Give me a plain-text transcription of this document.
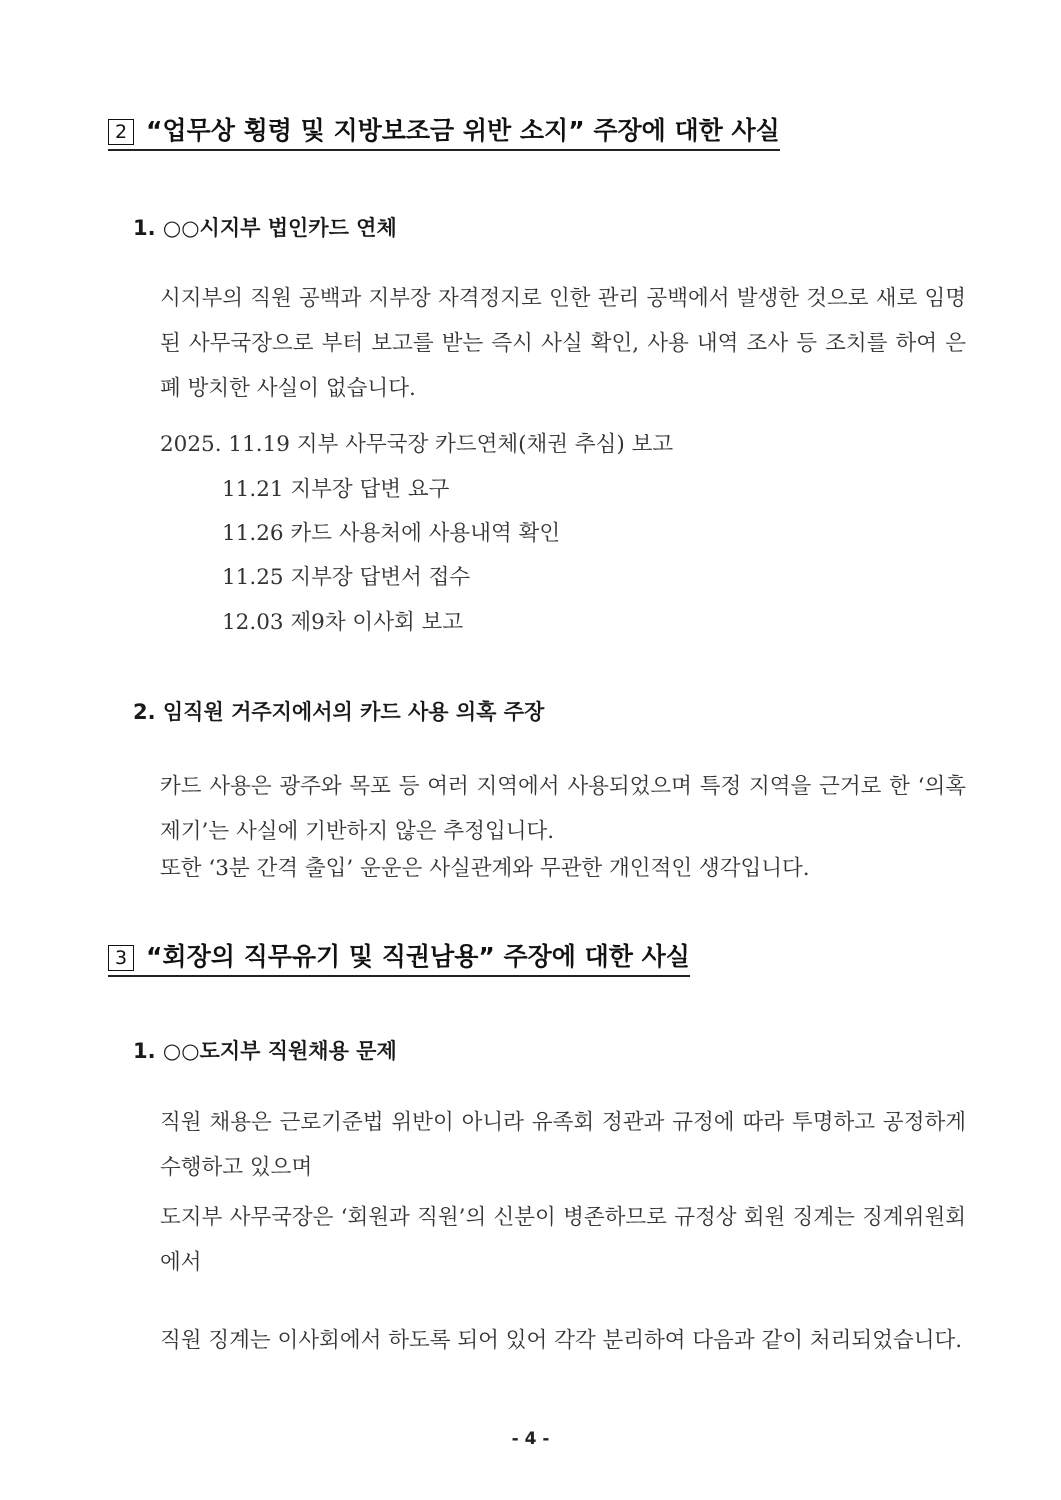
2 “업무상 횡령 및 지방보조금 위반 소지” 주장에 대한 사실
1. ○○시지부 법인카드 연체

시지부의 직원 공백과 지부장 자격정지로 인한 관리 공백에서 발생한 것으로 새로 임명된 사무국장으로 부터 보고를 받는 즉시 사실 확인, 사용 내역 조사 등 조치를 하여 은폐 방치한 사실이 없습니다.

2025. 11.19 지부 사무국장 카드연체(채권 추심) 보고
11.21 지부장 답변 요구
11.26 카드 사용처에 사용내역 확인
11.25 지부장 답변서 접수
12.03 제9차 이사회 보고
2. 임직원 거주지에서의 카드 사용 의혹 주장

카드 사용은 광주와 목포 등 여러 지역에서 사용되었으며 특정 지역을 근거로 한 ‘의혹 제기’는 사실에 기반하지 않은 추정입니다.

또한 ‘3분 간격 출입’ 운운은 사실관계와 무관한 개인적인 생각입니다.

3 “회장의 직무유기 및 직권남용” 주장에 대한 사실
1. ○○도지부 직원채용 문제

직원 채용은 근로기준법 위반이 아니라 유족회 정관과 규정에 따라 투명하고 공정하게 수행하고 있으며

도지부 사무국장은 ‘회원과 직원’의 신분이 병존하므로 규정상 회원 징계는 징계위원회에서

직원 징계는 이사회에서 하도록 되어 있어 각각 분리하여 다음과 같이 처리되었습니다.

- 4 -
